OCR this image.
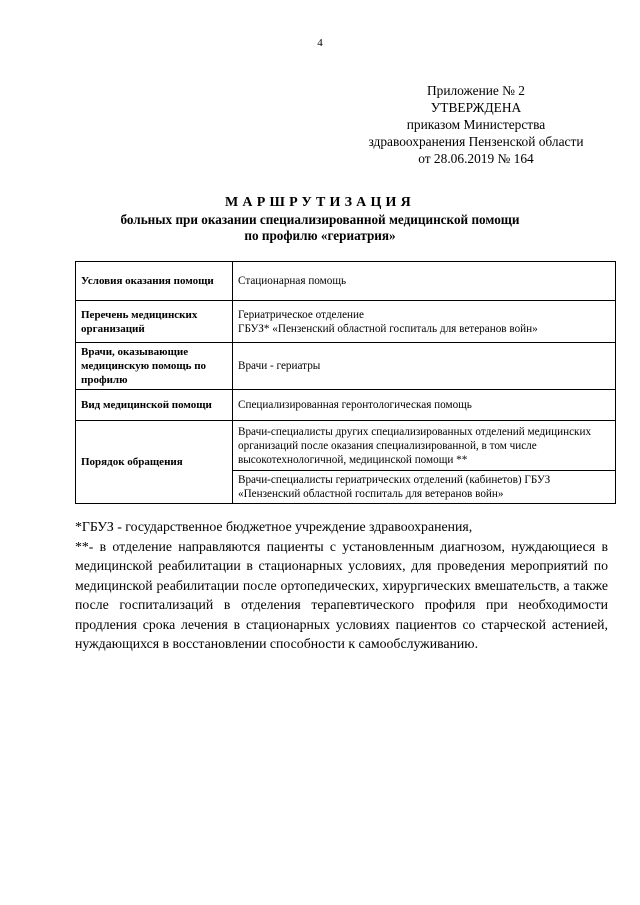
4
Приложение № 2
УТВЕРЖДЕНА
приказом Министерства
здравоохранения Пензенской области
от 28.06.2019 № 164
МАРШРУТИЗАЦИЯ
больных при оказании специализированной медицинской помощи
по профилю «гериатрия»
Условия оказания помощи	Стационарная помощь
Перечень медицинских организаций	Гериатрическое отделение
ГБУЗ* «Пензенский областной госпиталь для ветеранов войн»

Врачи, оказывающие медицинскую помощь по профилю	Врачи - гериатры
Вид медицинской помощи	Специализированная геронтологическая помощь
Порядок обращения	Врачи-специалисты других специализированных отделений медицинских организаций после оказания специализированной, в том числе высокотехнологичной, медицинской помощи **
	Врачи-специалисты гериатрических отделений (кабинетов) ГБУЗ «Пензенский областной госпиталь для ветеранов войн»

*ГБУЗ - государственное бюджетное учреждение здравоохранения,

**- в отделение направляются пациенты с установленным диагнозом, нуждающиеся в медицинской реабилитации в стационарных условиях, для проведения мероприятий по медицинской реабилитации после ортопедических, хирургических вмешательств, а также после госпитализаций в отделения терапевтического профиля при необходимости продления срока лечения в стационарных условиях пациентов со старческой астенией, нуждающихся в восстановлении способности к самообслуживанию.
